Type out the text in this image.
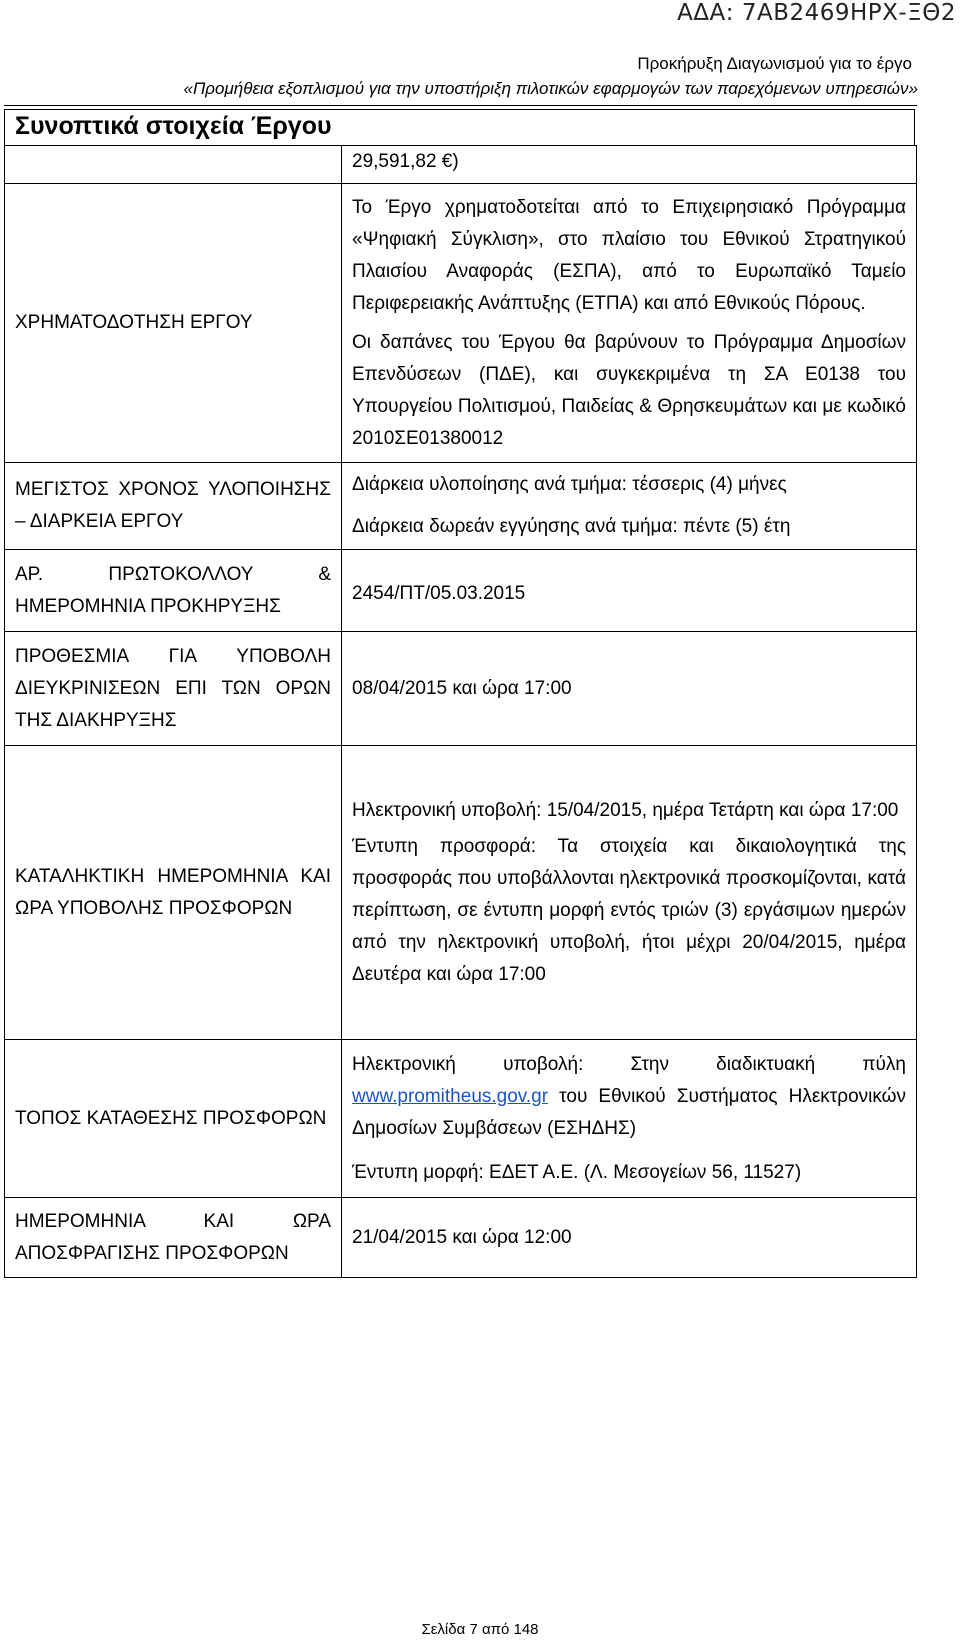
ΑΔΑ: 7ΑΒ2469ΗΡΧ-ΞΘ2
Προκήρυξη Διαγωνισμού για το έργο
«Προμήθεια εξοπλισμού για την υποστήριξη πιλοτικών εφαρμογών των παρεχόμενων υπηρεσιών»
Συνοπτικά στοιχεία Έργου
	29,591,82 €)
ΧΡΗΜΑΤΟΔΟΤΗΣΗ ΕΡΓΟΥ	Το Έργο χρηματοδοτείται από το Επιχειρησιακό Πρόγραμμα «Ψηφιακή Σύγκλιση», στο πλαίσιο του Εθνικού Στρατηγικού Πλαισίου Αναφοράς (ΕΣΠΑ), από το Ευρωπαϊκό Ταμείο Περιφερειακής Ανάπτυξης (ΕΤΠΑ) και από Εθνικούς Πόρους.

Οι δαπάνες του Έργου θα βαρύνουν το Πρόγραμμα Δημοσίων Επενδύσεων (ΠΔΕ), και συγκεκριμένα τη ΣΑ Ε0138 του Υπουργείου Πολιτισμού, Παιδείας & Θρησκευμάτων και με κωδικό 2010ΣΕ01380012

ΜΕΓΙΣΤΟΣ ΧΡΟΝΟΣ ΥΛΟΠΟΙΗΣΗΣ – ΔΙΑΡΚΕΙΑ ΕΡΓΟΥ	Διάρκεια υλοποίησης ανά τμήμα: τέσσερις (4) μήνες

Διάρκεια δωρεάν εγγύησης ανά τμήμα: πέντε (5) έτη

ΑΡ. ΠΡΩΤΟΚΟΛΛΟΥ & ΗΜΕΡΟΜΗΝΙΑ ΠΡΟΚΗΡΥΞΗΣ	2454/ΠΤ/05.03.2015
ΠΡΟΘΕΣΜΙΑ ΓΙΑ ΥΠΟΒΟΛΗ ΔΙΕΥΚΡΙΝΙΣΕΩΝ ΕΠΙ ΤΩΝ ΟΡΩΝ ΤΗΣ ΔΙΑΚΗΡΥΞΗΣ	08/04/2015 και ώρα 17:00
ΚΑΤΑΛΗΚΤΙΚΗ ΗΜΕΡΟΜΗΝΙΑ ΚΑΙ ΩΡΑ ΥΠΟΒΟΛΗΣ ΠΡΟΣΦΟΡΩΝ	Ηλεκτρονική υποβολή: 15/04/2015, ημέρα Τετάρτη και ώρα 17:00

Έντυπη προσφορά: Τα στοιχεία και δικαιολογητικά της προσφοράς που υποβάλλονται ηλεκτρονικά προσκομίζονται, κατά περίπτωση, σε έντυπη μορφή εντός τριών (3) εργάσιμων ημερών από την ηλεκτρονική υποβολή, ήτοι μέχρι 20/04/2015, ημέρα Δευτέρα και ώρα 17:00

ΤΟΠΟΣ ΚΑΤΑΘΕΣΗΣ ΠΡΟΣΦΟΡΩΝ	Ηλεκτρονική υποβολή: Στην διαδικτυακή πύλη www.promitheus.gov.gr του Εθνικού Συστήματος Ηλεκτρονικών Δημοσίων Συμβάσεων (ΕΣΗΔΗΣ)

Έντυπη μορφή: ΕΔΕΤ Α.Ε. (Λ. Μεσογείων 56, 11527)

ΗΜΕΡΟΜΗΝΙΑ ΚΑΙ ΩΡΑ ΑΠΟΣΦΡΑΓΙΣΗΣ ΠΡΟΣΦΟΡΩΝ	21/04/2015 και ώρα 12:00
Σελίδα 7 από 148
